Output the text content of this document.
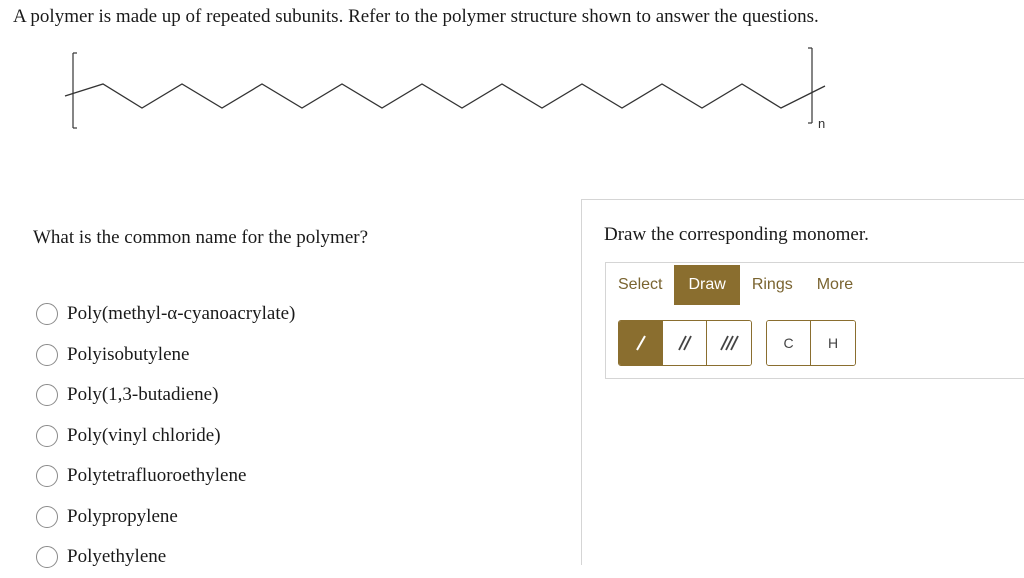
A polymer is made up of repeated subunits. Refer to the polymer structure shown to answer the questions.

n

What is the common name for the polymer?

Poly(methyl-α-cyanoacrylate)
Polyisobutylene
Poly(1,3-butadiene)
Poly(vinyl chloride)
Polytetrafluoroethylene
Polypropylene
Polyethylene

Draw the corresponding monomer.

Select	Draw	Rings	More
C	H
